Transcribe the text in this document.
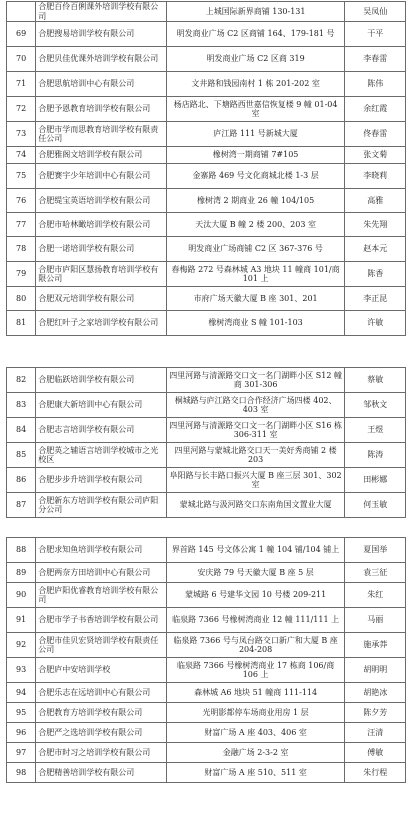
	合肥百伶百俐课外培训学校有限公司	上城国际新界商铺 130-131	吴凤仙
69	合肥搜易培训学校有限公司	明发商业广场 C2 区商铺 164、179-181 号	干平
70	合肥贝佳优课外培训学校有限公司	明发商业广场 C2 区商 319	李春雷
71	合肥思航培训中心有限公司	文井路和钱园南村 1 栋 201-202 室	陈伟
72	合肥予恩教育培训学校有限公司	杨店路北、下塘路西世嘉信恢复楼 9 幢 01-04 室	余红霞
73	合肥市学而思教育培训学校有限责任公司	庐江路 111 号新城大厦	佟春雷
74	合肥雅阁文培训学校有限公司	橡树湾一期商铺 7#105	张文菊
75	合肥赛宇少年培训中心有限公司	金寨路 469 号文化商城北楼 1-3 层	李晓莉
76	合肥缇宝英语培训学校有限公司	橡树湾 2 期商业 26 幢 104/105	高雅
77	合肥市哈林瞰培训学校有限公司	天汰大厦 B 幢 2 楼 200、203 室	朱先翔
78	合肥一诺培训学校有限公司	明发商业广场商铺 C2 区 367-376 号	赵本元
79	合肥市庐阳区慧扬教育培训学校有限公司	春梅路 272 号森林城 A3 地块 11 幢商 101/商 101 上	陈香
80	合肥双元培训学校有限公司	市府广场天徽大厦 B 座 301、201	李正昆
81	合肥红叶子之家培训学校有限公司	橡树湾商业 S 幢 101-103	许敏
82	合肥临跃培训学校有限公司	四里河路与清源路交口文一名门湖畔小区 S12 幢商 301-306	蔡敏
83	合肥康大新培训中心有限公司	桐城路与庐江路交口合作经济广场四楼 402、403 室	邹秋文
84	合肥志言培训学校有限公司	四里河路与清源路交口文一名门湖畔小区 S16 栋 306-311 室	王煜
85	合肥英之辅语言培训学校城市之光校区	四里河路与蒙城北路交口天一美好秀商铺 2 楼 203	陈涛
86	合肥步步升培训学校有限公司	阜阳路与长丰路口振兴大厦 B 座三层 301、302 室	田彬娜
87	合肥新东方培训学校有限公司庐阳分公司	蒙城北路与汲河路交口东南角国文置业大厦	何玉敏
88	合肥求知鱼培训学校有限公司	界首路 145 号文体公寓 1 幢 104 铺/104 铺上	夏国举
89	合肥两奈方田培训中心有限公司	安庆路 79 号天徽大厦 B 座 5 层	袁三征
90	合肥庐阳优睿教育培训学校有限公司	蒙城路 6 号建华文园 10 号楼 209-211	朱红
91	合肥市学子书香培训学校有限公司	临泉路 7366 号橡树湾商业 12 幢 111/111 上	马丽
92	合肥市佳贝宏贤培训学校有限责任公司	临泉路 7366 号与凤台路交口新广和大厦 B 座 204-208	施承莽
93	合肥庐中安培训学校	临泉路 7366 号橡树湾商业 17 栋商 106/商 106 上	胡明明
94	合肥乐志在远培训中心有限公司	森林城 A6 地块 51 幢商 111-114	胡艳冰
95	合肥教育方培训学校有限公司	光明影都停车场商业用房 1 层	陈夕芳
96	合肥严之选培训学校有限公司	财富广场 A 座 403、406 室	汪清
97	合肥市时习之培训学校有限公司	金融广场 2-3-2 室	傅敏
98	合肥精善培训学校有限公司	财富广场 A 座 510、511 室	朱行程
